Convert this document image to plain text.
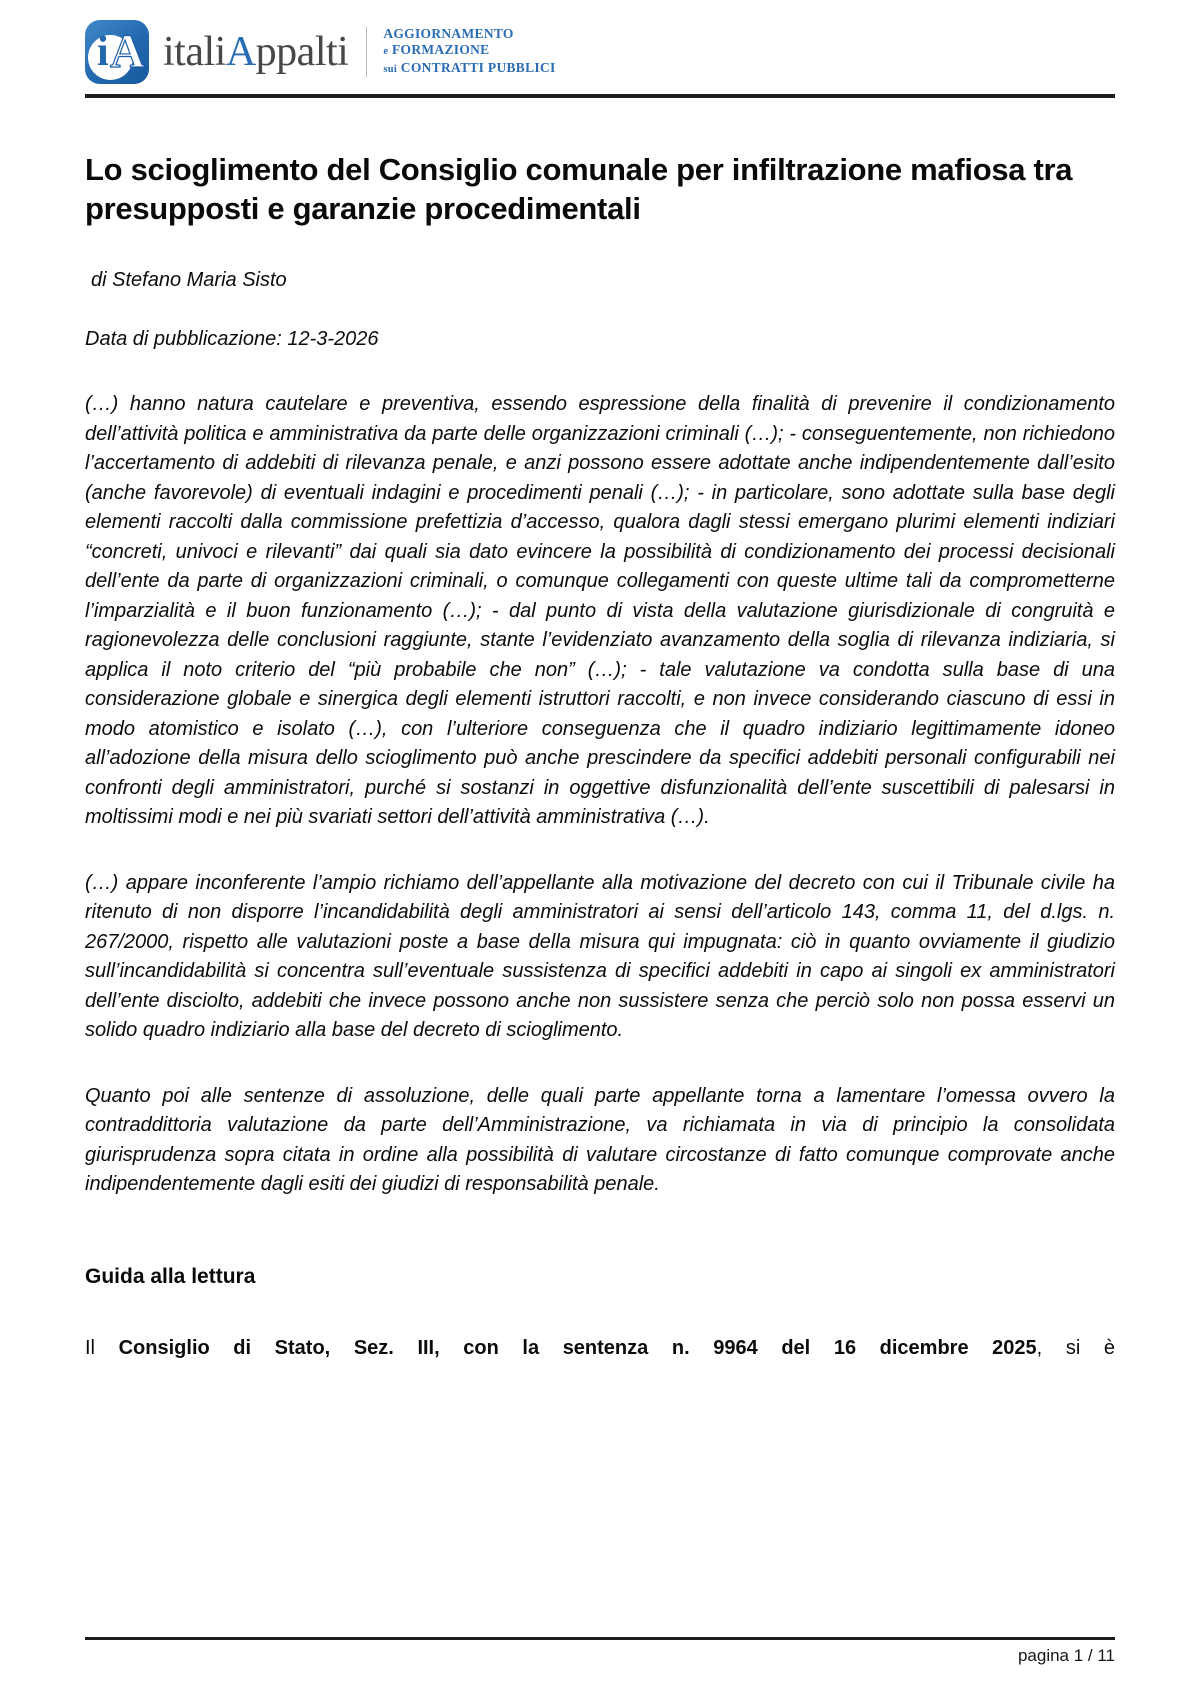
i A italiAppalti	AGGIORNAMENTO
e FORMAZIONE
sui CONTRATTI PUBBLICI
Lo scioglimento del Consiglio comunale per infiltrazione mafiosa tra presupposti e garanzie procedimentali

di Stefano Maria Sisto

Data di pubblicazione: 12-3-2026

(…) hanno natura cautelare e preventiva, essendo espressione della finalità di prevenire il condizionamento dell’attività politica e amministrativa da parte delle organizzazioni criminali (…); - conseguentemente, non richiedono l’accertamento di addebiti di rilevanza penale, e anzi possono essere adottate anche indipendentemente dall’esito (anche favorevole) di eventuali indagini e procedimenti penali (…); - in particolare, sono adottate sulla base degli elementi raccolti dalla commissione prefettizia d’accesso, qualora dagli stessi emergano plurimi elementi indiziari “concreti, univoci e rilevanti” dai quali sia dato evincere la possibilità di condizionamento dei processi decisionali dell’ente da parte di organizzazioni criminali, o comunque collegamenti con queste ultime tali da comprometterne l’imparzialità e il buon funzionamento (…); - dal punto di vista della valutazione giurisdizionale di congruità e ragionevolezza delle conclusioni raggiunte, stante l’evidenziato avanzamento della soglia di rilevanza indiziaria, si applica il noto criterio del “più probabile che non” (…); - tale valutazione va condotta sulla base di una considerazione globale e sinergica degli elementi istruttori raccolti, e non invece considerando ciascuno di essi in modo atomistico e isolato (…), con l’ulteriore conseguenza che il quadro indiziario legittimamente idoneo all’adozione della misura dello scioglimento può anche prescindere da specifici addebiti personali configurabili nei confronti degli amministratori, purché si sostanzi in oggettive disfunzionalità dell’ente suscettibili di palesarsi in moltissimi modi e nei più svariati settori dell’attività amministrativa (…).

(…) appare inconferente l’ampio richiamo dell’appellante alla motivazione del decreto con cui il Tribunale civile ha ritenuto di non disporre l’incandidabilità degli amministratori ai sensi dell’articolo 143, comma 11, del d.lgs. n. 267/2000, rispetto alle valutazioni poste a base della misura qui impugnata: ciò in quanto ovviamente il giudizio sull’incandidabilità si concentra sull’eventuale sussistenza di specifici addebiti in capo ai singoli ex amministratori dell’ente disciolto, addebiti che invece possono anche non sussistere senza che perciò solo non possa esservi un solido quadro indiziario alla base del decreto di scioglimento.

Quanto poi alle sentenze di assoluzione, delle quali parte appellante torna a lamentare l’omessa ovvero la contraddittoria valutazione da parte dell’Amministrazione, va richiamata in via di principio la consolidata giurisprudenza sopra citata in ordine alla possibilità di valutare circostanze di fatto comunque comprovate anche indipendentemente dagli esiti dei giudizi di responsabilità penale.

Guida alla lettura

Il Consiglio di Stato, Sez. III, con la sentenza n. 9964 del 16 dicembre 2025, si è

pagina 1 / 11
